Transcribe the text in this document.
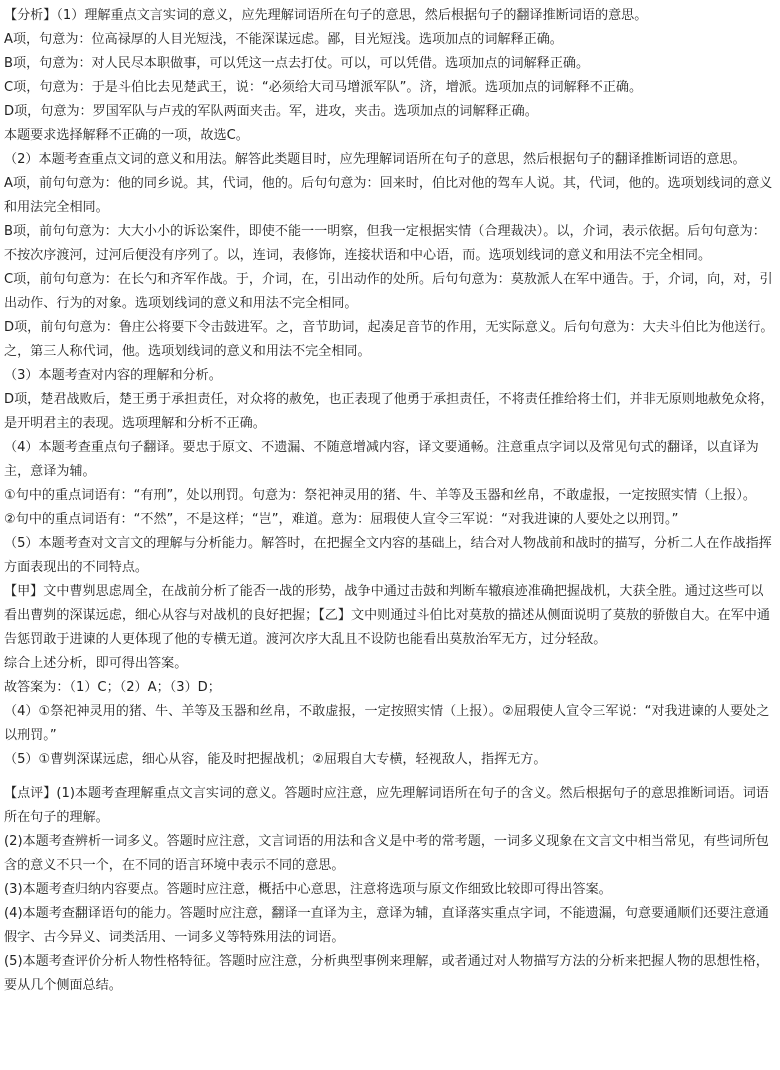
【分析】（1）理解重点文言实词的意义，应先理解词语所在句子的意思，然后根据句子的翻译推断词语的意思。

A项，句意为：位高禄厚的人目光短浅，不能深谋远虑。鄙，目光短浅。选项加点的词解释正确。

B项，句意为：对人民尽本职做事，可以凭这一点去打仗。可以，可以凭借。选项加点的词解释正确。

C项，句意为：于是斗伯比去见楚武王，说：“必须给大司马增派军队”。济，增派。选项加点的词解释不正确。

D项，句意为：罗国军队与卢戎的军队两面夹击。军，进攻，夹击。选项加点的词解释正确。

本题要求选择解释不正确的一项，故选C。

（2）本题考查重点文词的意义和用法。解答此类题目时，应先理解词语所在句子的意思，然后根据句子的翻译推断词语的意思。

A项，前句句意为：他的同乡说。其，代词，他的。后句句意为：回来时，伯比对他的驾车人说。其，代词，他的。选项划线词的意义和用法完全相同。

B项，前句句意为：大大小小的诉讼案件，即使不能一一明察，但我一定根据实情（合理裁决）。以，介词，表示依据。后句句意为：不按次序渡河，过河后便没有序列了。以，连词，表修饰，连接状语和中心语，而。选项划线词的意义和用法不完全相同。

C项，前句句意为：在长勺和齐军作战。于，介词，在，引出动作的处所。后句句意为：莫敖派人在军中通告。于，介词，向，对，引出动作、行为的对象。选项划线词的意义和用法不完全相同。

D项，前句句意为：鲁庄公将要下令击鼓进军。之，音节助词，起凑足音节的作用，无实际意义。后句句意为：大夫斗伯比为他送行。之，第三人称代词，他。选项划线词的意义和用法不完全相同。

（3）本题考查对内容的理解和分析。

D项，楚君战败后，楚王勇于承担责任，对众将的赦免，也正表现了他勇于承担责任，不将责任推给将士们，并非无原则地赦免众将，是开明君主的表现。选项理解和分析不正确。

（4）本题考查重点句子翻译。要忠于原文、不遗漏、不随意增减内容，译文要通畅。注意重点字词以及常见句式的翻译，以直译为主，意译为辅。

①句中的重点词语有：“有刑”，处以刑罚。句意为：祭祀神灵用的猪、牛、羊等及玉器和丝帛，不敢虚报，一定按照实情（上报）。

②句中的重点词语有：“不然”，不是这样；“岂”，难道。意为：屈瑕使人宣令三军说：“对我进谏的人要处之以刑罚。”

（5）本题考查对文言文的理解与分析能力。解答时，在把握全文内容的基础上，结合对人物战前和战时的描写，分析二人在作战指挥方面表现出的不同特点。

【甲】文中曹刿思虑周全，在战前分析了能否一战的形势，战争中通过击鼓和判断车辙痕迹准确把握战机，大获全胜。通过这些可以看出曹刿的深谋远虑，细心从容与对战机的良好把握；【乙】文中则通过斗伯比对莫敖的描述从侧面说明了莫敖的骄傲自大。在军中通告惩罚敢于进谏的人更体现了他的专横无道。渡河次序大乱且不设防也能看出莫敖治军无方，过分轻敌。

综合上述分析，即可得出答案。

故答案为：（1）C；（2）A；（3）D；

（4）①祭祀神灵用的猪、牛、羊等及玉器和丝帛，不敢虚报，一定按照实情（上报）。②屈瑕使人宣令三军说：“对我进谏的人要处之以刑罚。”

（5）①曹刿深谋远虑，细心从容，能及时把握战机；②屈瑕自大专横，轻视敌人，指挥无方。

【点评】(1)本题考查理解重点文言实词的意义。答题时应注意，应先理解词语所在句子的含义。然后根据句子的意思推断词语。词语所在句子的理解。

(2)本题考查辨析一词多义。答题时应注意，文言词语的用法和含义是中考的常考题，一词多义现象在文言文中相当常见，有些词所包含的意义不只一个，在不同的语言环境中表示不同的意思。

(3)本题考查归纳内容要点。答题时应注意，概括中心意思，注意将选项与原文作细致比较即可得出答案。

(4)本题考查翻译语句的能力。答题时应注意，翻译一直译为主，意译为辅，直译落实重点字词，不能遗漏，句意要通顺们还要注意通假字、古今异义、词类活用、一词多义等特殊用法的词语。

(5)本题考查评价分析人物性格特征。答题时应注意，分析典型事例来理解，或者通过对人物描写方法的分析来把握人物的思想性格，要从几个侧面总结。
